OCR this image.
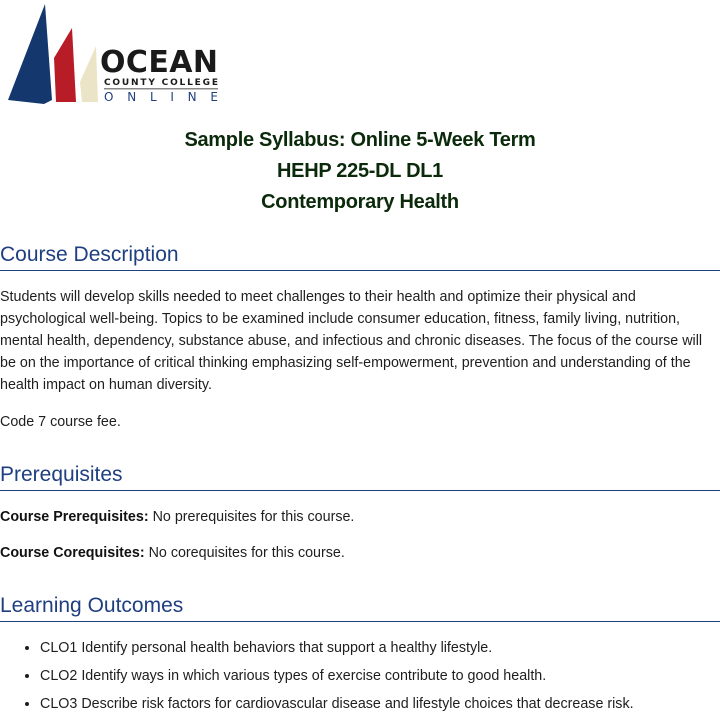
OCEAN
COUNTY COLLEGE
ONLINE
Sample Syllabus: Online 5-Week Term
HEHP 225-DL DL1
Contemporary Health
Course Description

Students will develop skills needed to meet challenges to their health and optimize their physical and psychological well-being. Topics to be examined include consumer education, fitness, family living, nutrition, mental health, dependency, substance abuse, and infectious and chronic diseases. The focus of the course will be on the importance of critical thinking emphasizing self-empowerment, prevention and understanding of the health impact on human diversity.

Code 7 course fee.

Prerequisites

Course Prerequisites: No prerequisites for this course.

Course Corequisites: No corequisites for this course.

Learning Outcomes
• CLO1 Identify personal health behaviors that support a healthy lifestyle.
• CLO2 Identify ways in which various types of exercise contribute to good health.
• CLO3 Describe risk factors for cardiovascular disease and lifestyle choices that decrease risk.
